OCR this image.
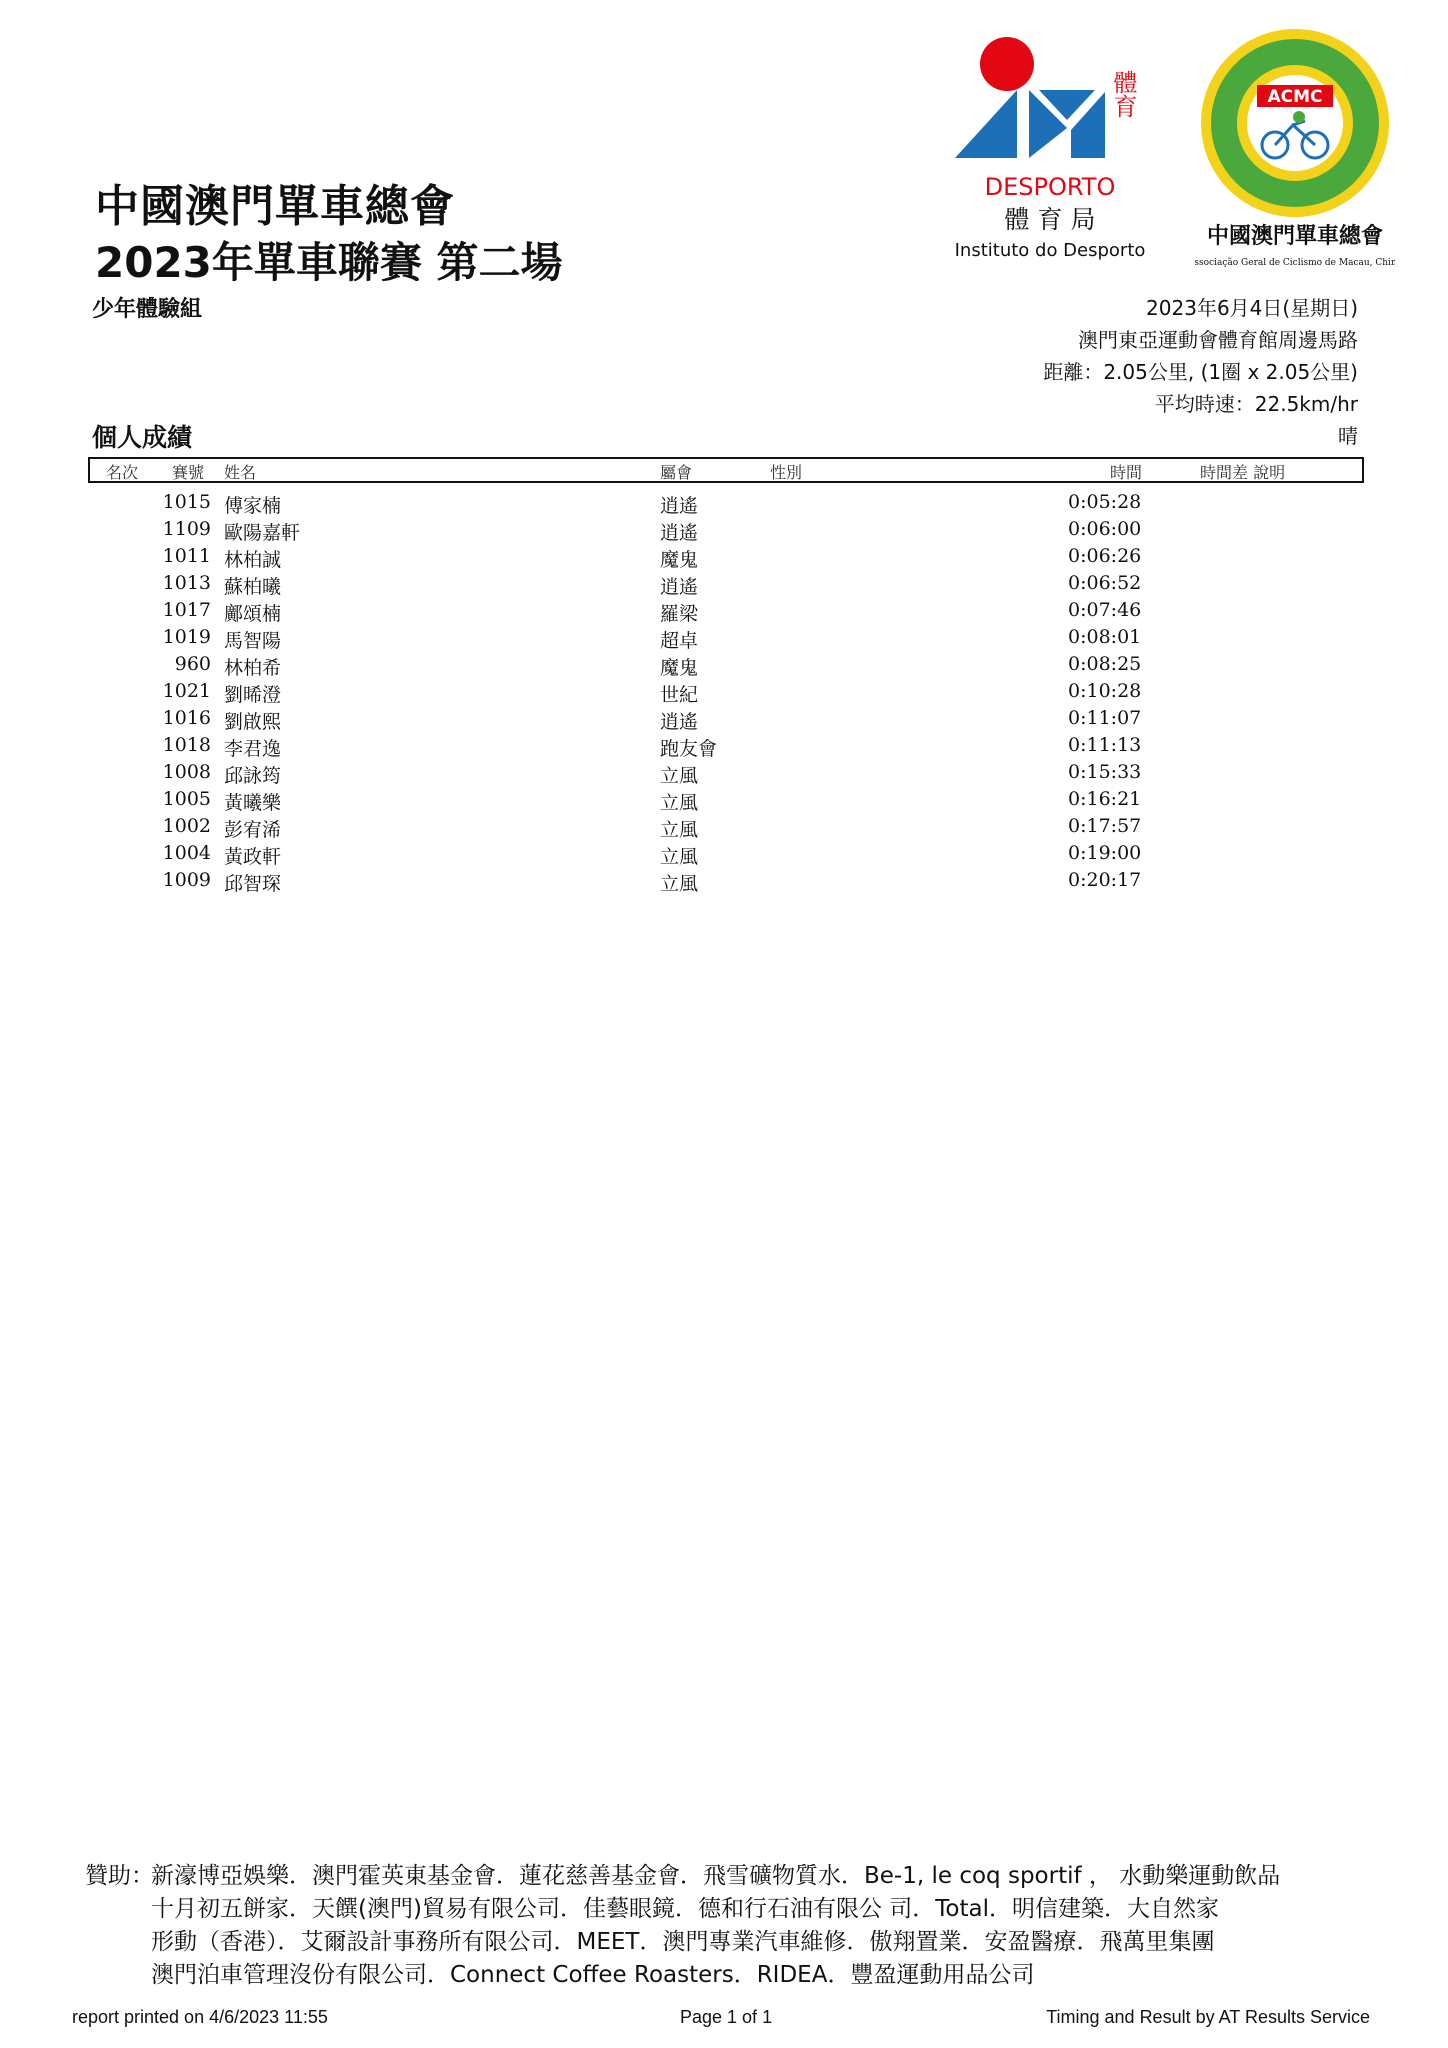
體育
DESPORTO
體 育 局
Instituto do Desporto
ACMC
中國澳門單車總會
Associação Geral de Ciclismo de Macau, China
中國澳門單車總會
2023年單車聯賽 第二場
少年體驗組	2023年6月4日(星期日)
澳門東亞運動會體育館周邊馬路
距離：2.05公里, (1圈 x 2.05公里)
平均時速：22.5km/hr
晴
個人成績
名次 賽號 姓名	屬會	性別	時間	時間差 說明
1015 傅家楠	逍遙	0:05:28
1109 歐陽嘉軒	逍遙	0:06:00
1011 林柏誠	魔鬼	0:06:26
1013 蘇柏曦	逍遙	0:06:52
1017 鄺頌楠	羅梁	0:07:46
1019 馬智陽	超卓	0:08:01
960 林柏希	魔鬼	0:08:25
1021 劉晞澄	世紀	0:10:28
1016 劉啟熙	逍遙	0:11:07
1018 李君逸	跑友會	0:11:13
1008 邱詠筠	立風	0:15:33
1005 黃曦樂	立風	0:16:21
1002 彭宥浠	立風	0:17:57
1004 黃政軒	立風	0:19:00
1009 邱智琛	立風	0:20:17
贊助：
新濠博亞娛樂．澳門霍英東基金會．蓮花慈善基金會．飛雪礦物質水．Be-1, le coq sportif ， 水動樂運動飲品
十月初五餅家．天饌(澳門)貿易有限公司．佳藝眼鏡．德和行石油有限公 司．Total．明信建築．大自然家
形動（香港）．艾爾設計事務所有限公司．MEET．澳門專業汽車維修．傲翔置業．安盈醫療．飛萬里集團
澳門泊車管理沒份有限公司．Connect Coffee Roasters．RIDEA．豐盈運動用品公司
report printed on 4/6/2023 11:55	Page 1 of 1	Timing and Result by AT Results Service
